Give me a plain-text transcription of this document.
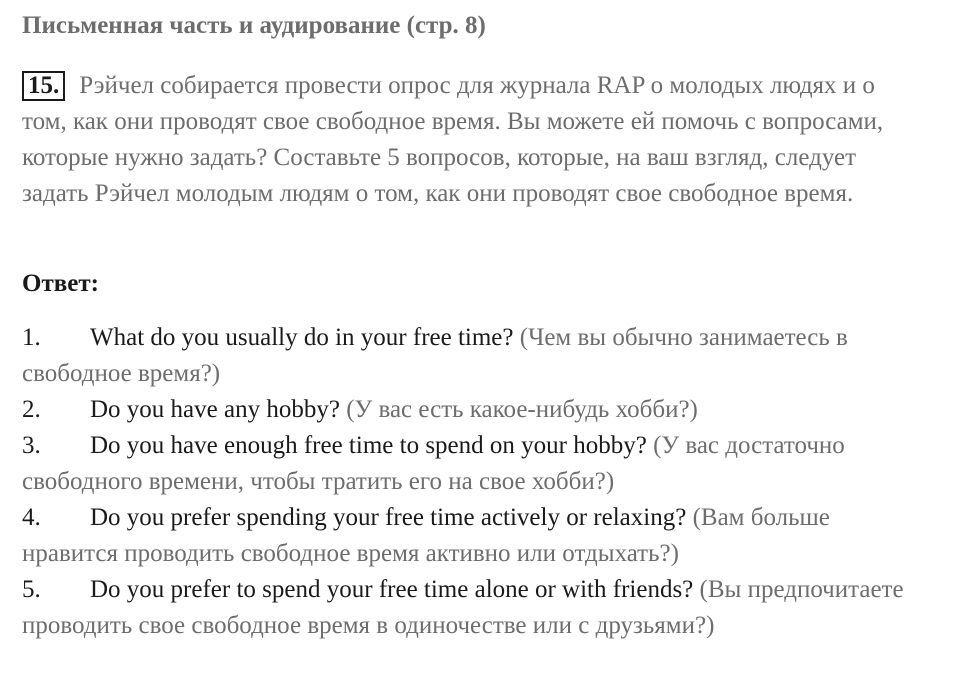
Письменная часть и аудирование (стр. 8)

15. Рэйчел собирается провести опрос для журнала RAP о молодых людях и о том, как они проводят свое свободное время. Вы можете ей помочь с вопросами, которые нужно задать? Составьте 5 вопросов, которые, на ваш взгляд, следует задать Рэйчел молодым людям о том, как они проводят свое свободное время.

Ответ:
1. What do you usually do in your free time? (Чем вы обычно занимаетесь в свободное время?)
2. Do you have any hobby? (У вас есть какое-нибудь хобби?)
3. Do you have enough free time to spend on your hobby? (У вас достаточно свободного времени, чтобы тратить его на свое хобби?)
4. Do you prefer spending your free time actively or relaxing? (Вам больше нравится проводить свободное время активно или отдыхать?)
5. Do you prefer to spend your free time alone or with friends? (Вы предпочитаете проводить свое свободное время в одиночестве или с друзьями?)
